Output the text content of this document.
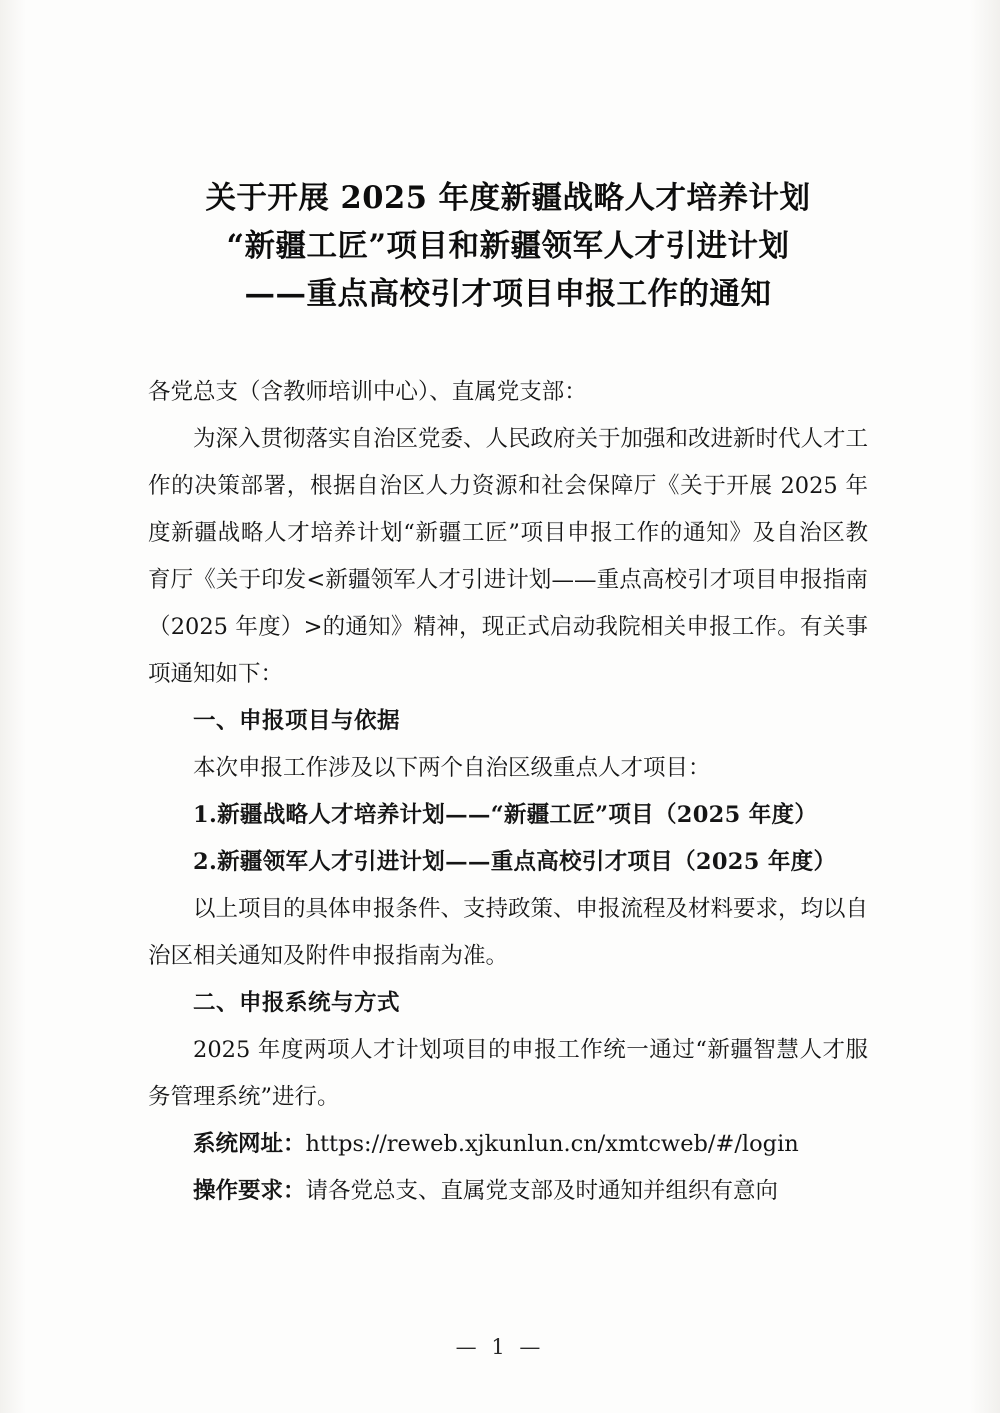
关于开展 2025 年度新疆战略人才培养计划
“新疆工匠”项目和新疆领军人才引进计划
——重点高校引才项目申报工作的通知

各党总支（含教师培训中心）、直属党支部：

为深入贯彻落实自治区党委、人民政府关于加强和改进新时代人才工作的决策部署，根据自治区人力资源和社会保障厅《关于开展 2025 年度新疆战略人才培养计划“新疆工匠”项目申报工作的通知》及自治区教育厅《关于印发<新疆领军人才引进计划——重点高校引才项目申报指南（2025 年度）>的通知》精神，现正式启动我院相关申报工作。有关事项通知如下：

一、申报项目与依据

本次申报工作涉及以下两个自治区级重点人才项目：

1.新疆战略人才培养计划——“新疆工匠”项目（2025 年度）

2.新疆领军人才引进计划——重点高校引才项目（2025 年度）

以上项目的具体申报条件、支持政策、申报流程及材料要求，均以自治区相关通知及附件申报指南为准。

二、申报系统与方式

2025 年度两项人才计划项目的申报工作统一通过“新疆智慧人才服务管理系统”进行。

系统网址：https://reweb.xjkunlun.cn/xmtcweb/#/login

操作要求：请各党总支、直属党支部及时通知并组织有意向

— 1 —
